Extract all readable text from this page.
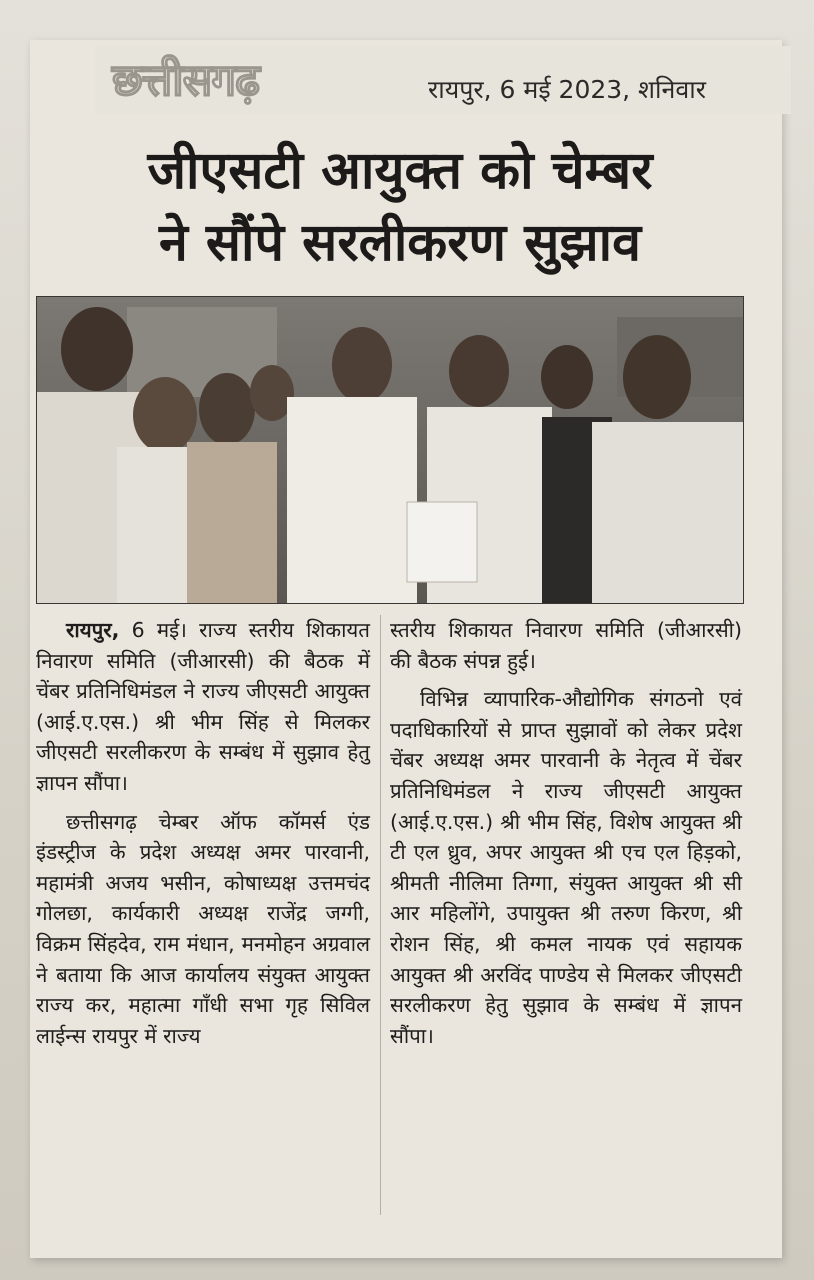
छत्तीसगढ़	रायपुर, 6 मई 2023, शनिवार
जीएसटी आयुक्त को चेम्बर
ने सौंपे सरलीकरण सुझाव

रायपुर, 6 मई। राज्य स्तरीय शिकायत निवारण समिति (जीआरसी) की बैठक में चेंबर प्रतिनिधिमंडल ने राज्य जीएसटी आयुक्त (आई.ए.एस.) श्री भीम सिंह से मिलकर जीएसटी सरलीकरण के सम्बंध में सुझाव हेतु ज्ञापन सौंपा।

छत्तीसगढ़ चेम्बर ऑफ कॉमर्स एंड इंडस्ट्रीज के प्रदेश अध्यक्ष अमर पारवानी, महामंत्री अजय भसीन, कोषाध्यक्ष उत्तमचंद गोलछा, कार्यकारी अध्यक्ष राजेंद्र जग्गी, विक्रम सिंहदेव, राम मंधान, मनमोहन अग्रवाल ने बताया कि आज कार्यालय संयुक्त आयुक्त राज्य कर, महात्मा गाँधी सभा गृह सिविल लाईन्स रायपुर में राज्य

स्तरीय शिकायत निवारण समिति (जीआरसी) की बैठक संपन्न हुई।

विभिन्न व्यापारिक-औद्योगिक संगठनो एवं पदाधिकारियों से प्राप्त सुझावों को लेकर प्रदेश चेंबर अध्यक्ष अमर पारवानी के नेतृत्व में चेंबर प्रतिनिधिमंडल ने राज्य जीएसटी आयुक्त (आई.ए.एस.) श्री भीम सिंह, विशेष आयुक्त श्री टी एल ध्रुव, अपर आयुक्त श्री एच एल हिड़को, श्रीमती नीलिमा तिग्गा, संयुक्त आयुक्त श्री सी आर महिलोंगे, उपायुक्त श्री तरुण किरण, श्री रोशन सिंह, श्री कमल नायक एवं सहायक आयुक्त श्री अरविंद पाण्डेय से मिलकर जीएसटी सरलीकरण हेतु सुझाव के सम्बंध में ज्ञापन सौंपा।
